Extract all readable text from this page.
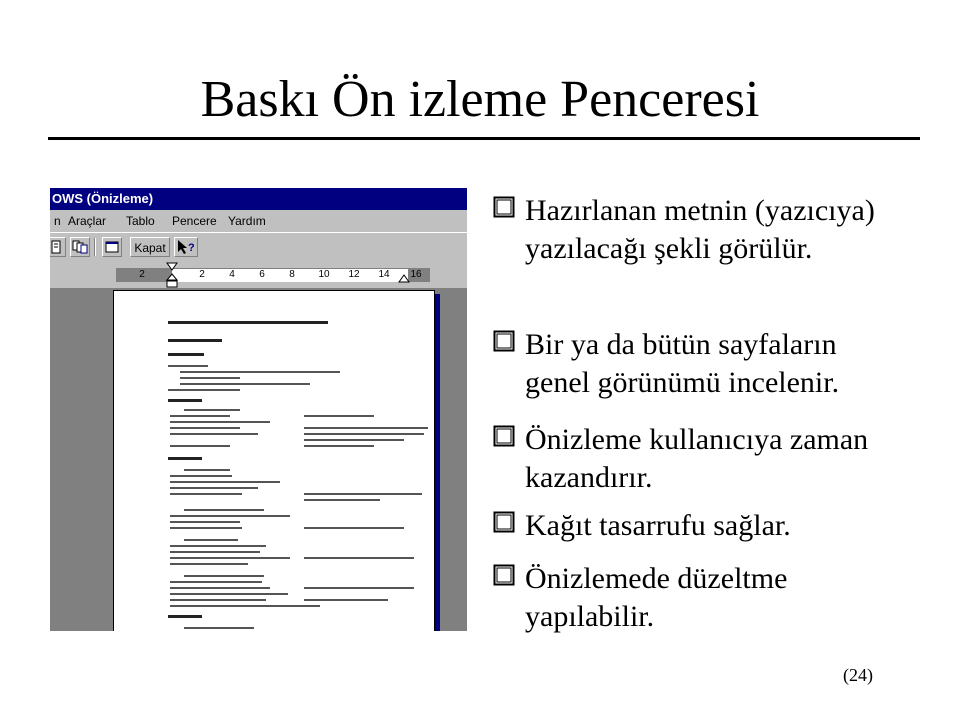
Baskı Ön izleme Penceresi
OWS (Önizleme)
n Araçlar Tablo Pencere Yardım
Kapat	?
2	2	4	6	8	10 12 14 16
Hazırlanan metnin (yazıcıya) yazılacağı şekli görülür.
Bir ya da bütün sayfaların genel görünümü incelenir.
Önizleme kullanıcıya zaman kazandırır.
Kağıt tasarrufu sağlar.
Önizlemede düzeltme yapılabilir.
(24)
